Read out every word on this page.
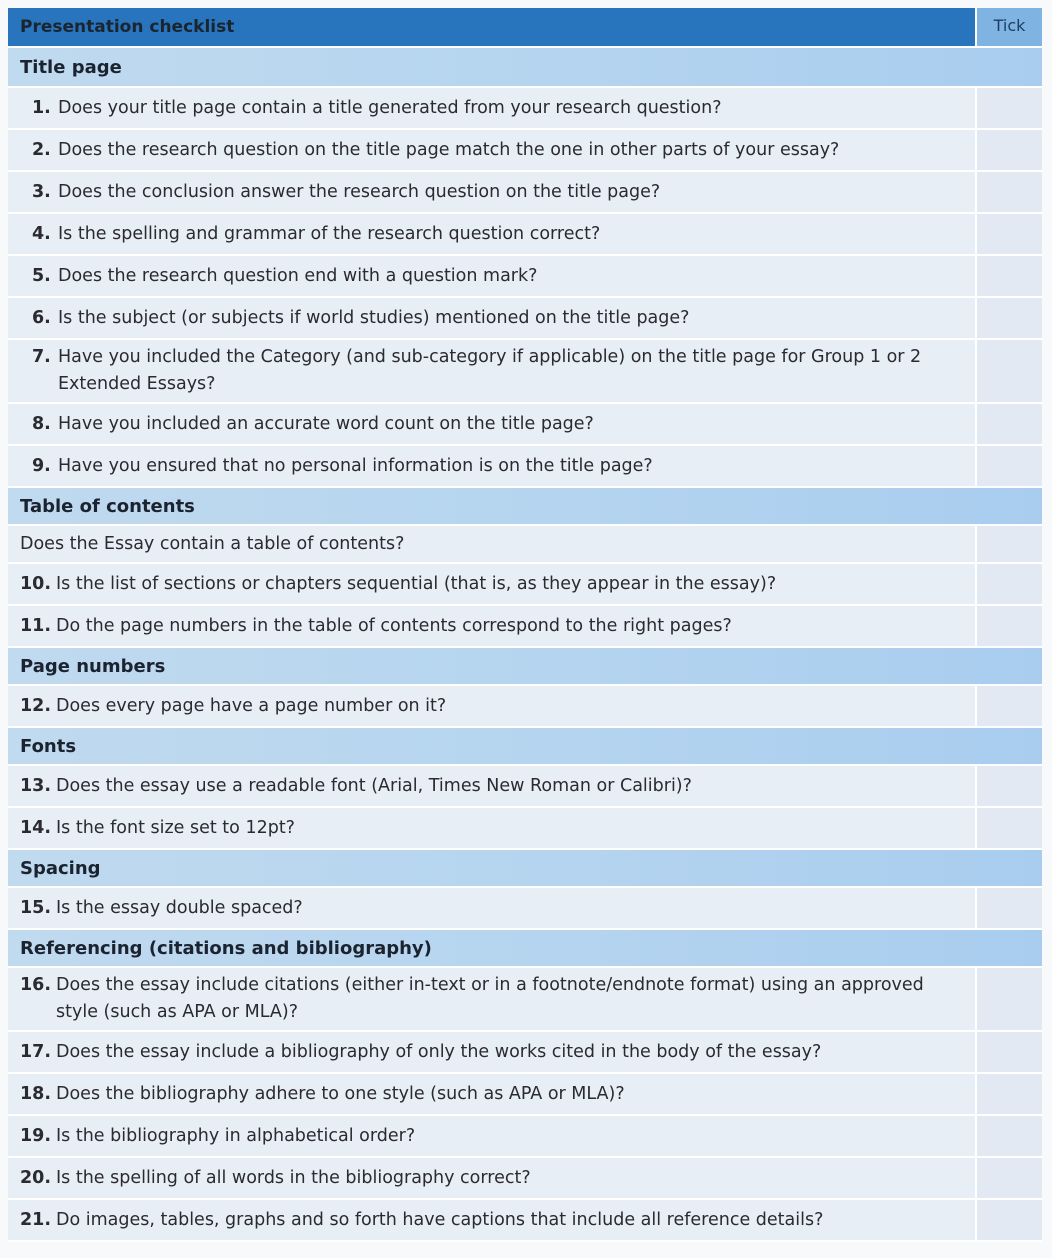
Presentation checklist	Tick
Title page	

1. Does your title page contain a title generated from your research question?	

2. Does the research question on the title page match the one in other parts of your essay?	

3. Does the conclusion answer the research question on the title page?	

4. Is the spelling and grammar of the research question correct?	

5. Does the research question end with a question mark?	

6. Is the subject (or subjects if world studies) mentioned on the title page?	

7. Have you included the Category (and sub-category if applicable) on the title page for Group 1 or 2 Extended Essays?	

8. Have you included an accurate word count on the title page?	

9. Have you ensured that no personal information is on the title page?	

Table of contents	

Does the Essay contain a table of contents?	

10. Is the list of sections or chapters sequential (that is, as they appear in the essay)?	

11. Do the page numbers in the table of contents correspond to the right pages?	

Page numbers	

12. Does every page have a page number on it?	

Fonts	

13. Does the essay use a readable font (Arial, Times New Roman or Calibri)?	

14. Is the font size set to 12pt?	

Spacing	

15. Is the essay double spaced?	

Referencing (citations and bibliography)	

16. Does the essay include citations (either in-text or in a footnote/endnote format) using an approved style (such as APA or MLA)?	

17. Does the essay include a bibliography of only the works cited in the body of the essay?	

18. Does the bibliography adhere to one style (such as APA or MLA)?	

19. Is the bibliography in alphabetical order?	

20. Is the spelling of all words in the bibliography correct?	

21. Do images, tables, graphs and so forth have captions that include all reference details?	
